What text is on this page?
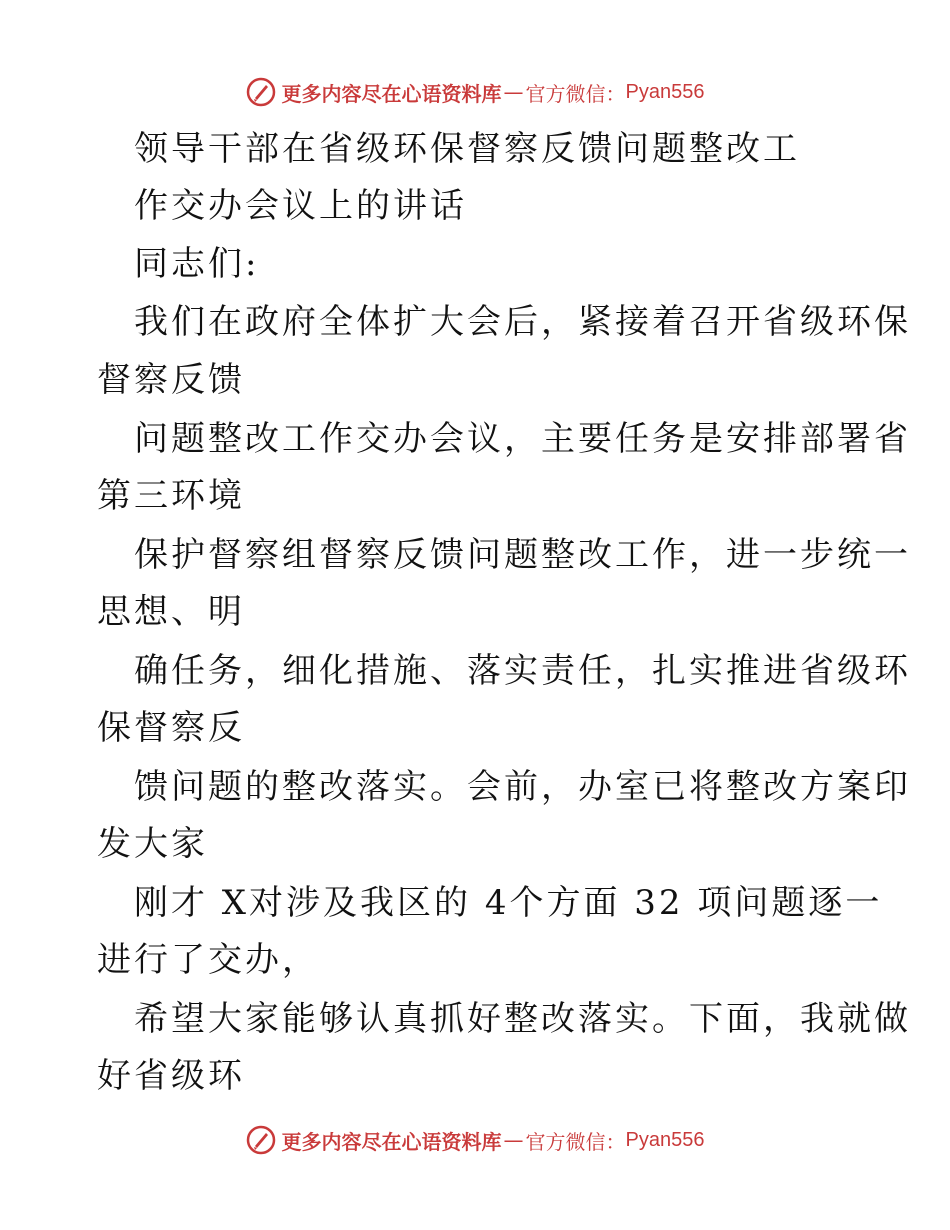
更多内容尽在心语资料库 — 官方微信： Pyan556
领导干部在省级环保督察反馈问题整改工
作交办会议上的讲话
同志们:
我们在政府全体扩大会后，紧接着召开省级环保
督察反馈
问题整改工作交办会议，主要任务是安排部署省
第三环境
保护督察组督察反馈问题整改工作，进一步统一
思想、明
确任务，细化措施、落实责任，扎实推进省级环
保督察反
馈问题的整改落实。会前，办室已将整改方案印
发大家
刚才 X对涉及我区的 4个方面 32 项问题逐一
进行了交办，
希望大家能够认真抓好整改落实。下面，我就做
好省级环
更多内容尽在心语资料库 — 官方微信： Pyan556
